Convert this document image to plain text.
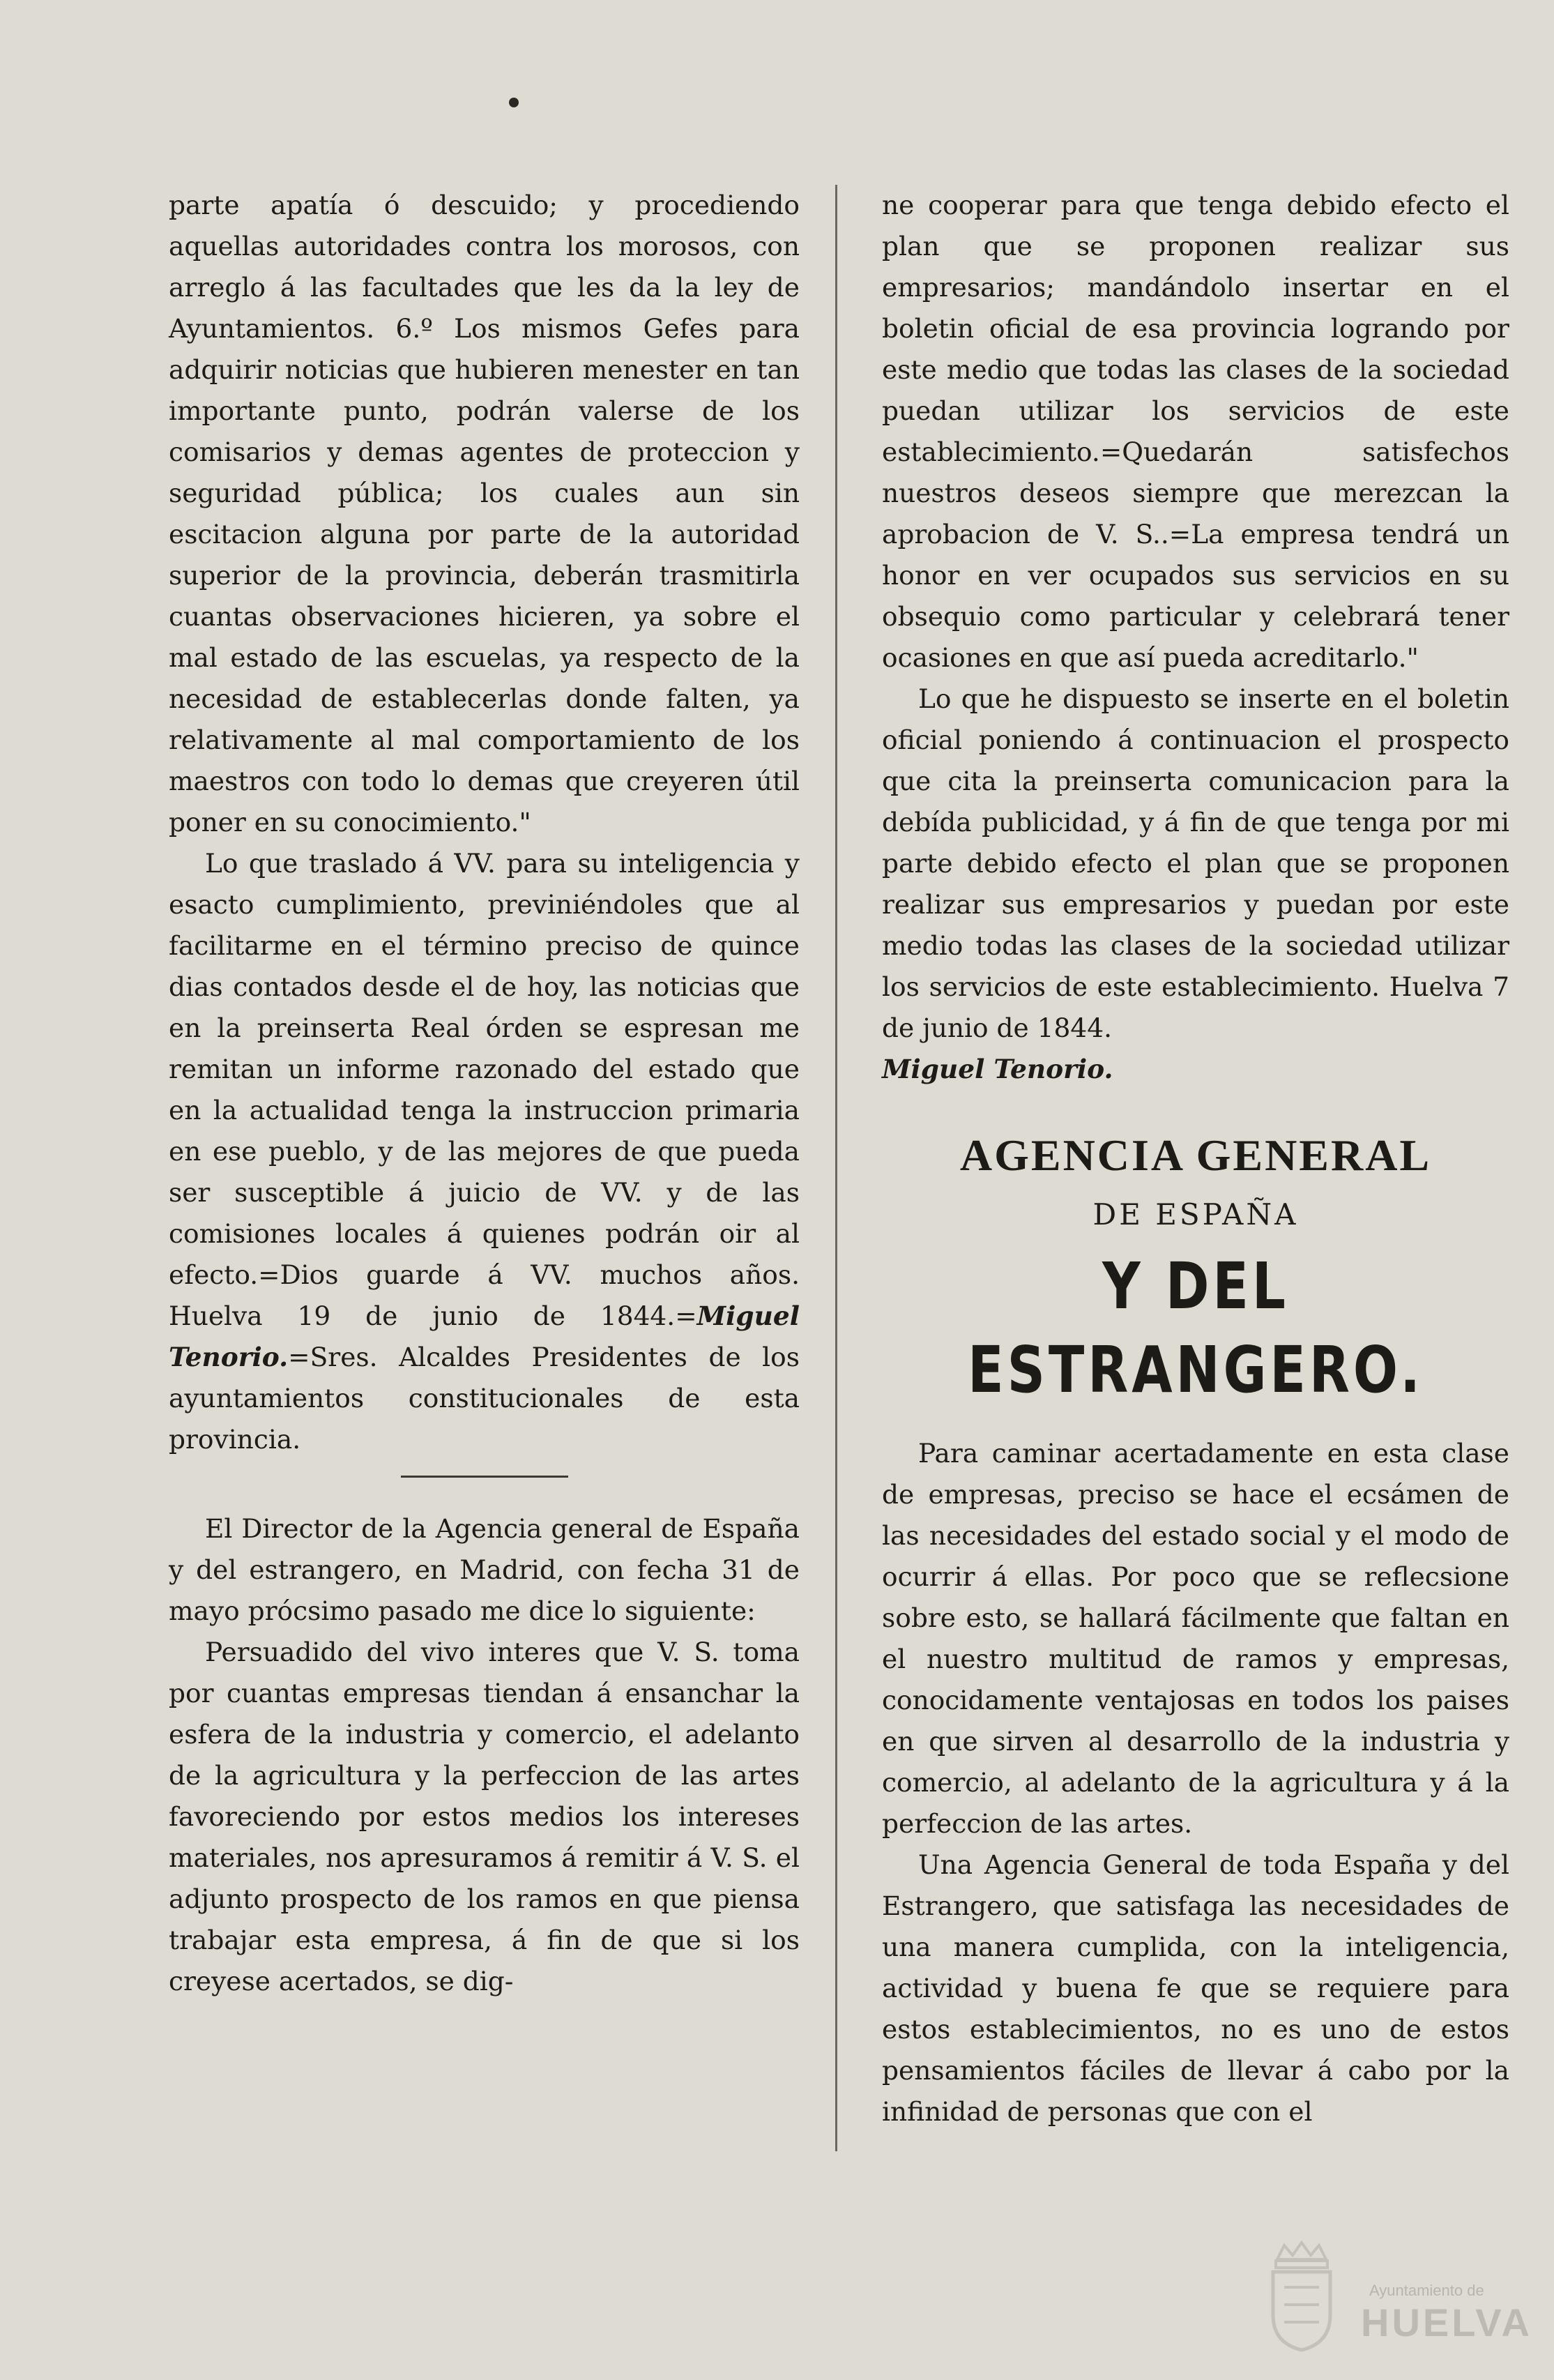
parte apatía ó descuido; y procediendo aquellas autoridades contra los morosos, con arreglo á las facultades que les da la ley de Ayuntamientos. 6.º Los mismos Gefes para adquirir noticias que hubieren menester en tan importante punto, podrán valerse de los comisarios y demas agentes de proteccion y seguridad pública; los cuales aun sin escitacion alguna por parte de la autoridad superior de la provincia, deberán trasmitirla cuantas observaciones hicieren, ya sobre el mal estado de las escuelas, ya respecto de la necesidad de establecerlas donde falten, ya relativamente al mal comportamiento de los maestros con todo lo demas que creyeren útil poner en su conocimiento."

Lo que traslado á VV. para su inteligencia y esacto cumplimiento, previniéndoles que al facilitarme en el término preciso de quince dias contados desde el de hoy, las noticias que en la preinserta Real órden se espresan me remitan un informe razonado del estado que en la actualidad tenga la instruccion primaria en ese pueblo, y de las mejores de que pueda ser susceptible á juicio de VV. y de las comisiones locales á quienes podrán oir al efecto.=Dios guarde á VV. muchos años. Huelva 19 de junio de 1844.=Miguel Tenorio.=Sres. Alcaldes Presidentes de los ayuntamientos constitucionales de esta provincia.

El Director de la Agencia general de España y del estrangero, en Madrid, con fecha 31 de mayo prócsimo pasado me dice lo siguiente:

Persuadido del vivo interes que V. S. toma por cuantas empresas tiendan á ensanchar la esfera de la industria y comercio, el adelanto de la agricultura y la perfeccion de las artes favoreciendo por estos medios los intereses materiales, nos apresuramos á remitir á V. S. el adjunto prospecto de los ramos en que piensa trabajar esta empresa, á fin de que si los creyese acertados, se dig-

ne cooperar para que tenga debido efecto el plan que se proponen realizar sus empresarios; mandándolo insertar en el boletin oficial de esa provincia logrando por este medio que todas las clases de la sociedad puedan utilizar los servicios de este establecimiento.=Quedarán satisfechos nuestros deseos siempre que merezcan la aprobacion de V. S..=La empresa tendrá un honor en ver ocupados sus servicios en su obsequio como particular y celebrará tener ocasiones en que así pueda acreditarlo."

Lo que he dispuesto se inserte en el boletin oficial poniendo á continuacion el prospecto que cita la preinserta comunicacion para la debída publicidad, y á fin de que tenga por mi parte debido efecto el plan que se proponen realizar sus empresarios y puedan por este medio todas las clases de la sociedad utilizar los servicios de este establecimiento. Huelva 7 de junio de 1844.

Miguel Tenorio.

AGENCIA GENERAL

DE ESPAÑA

Y DEL ESTRANGERO.

Para caminar acertadamente en esta clase de empresas, preciso se hace el ecsámen de las necesidades del estado social y el modo de ocurrir á ellas. Por poco que se reflecsione sobre esto, se hallará fácilmente que faltan en el nuestro multitud de ramos y empresas, conocidamente ventajosas en todos los paises en que sirven al desarrollo de la industria y comercio, al adelanto de la agricultura y á la perfeccion de las artes.

Una Agencia General de toda España y del Estrangero, que satisfaga las necesidades de una manera cumplida, con la inteligencia, actividad y buena fe que se requiere para estos establecimientos, no es uno de estos pensamientos fáciles de llevar á cabo por la infinidad de personas que con el

Ayuntamiento de
HUELVA
